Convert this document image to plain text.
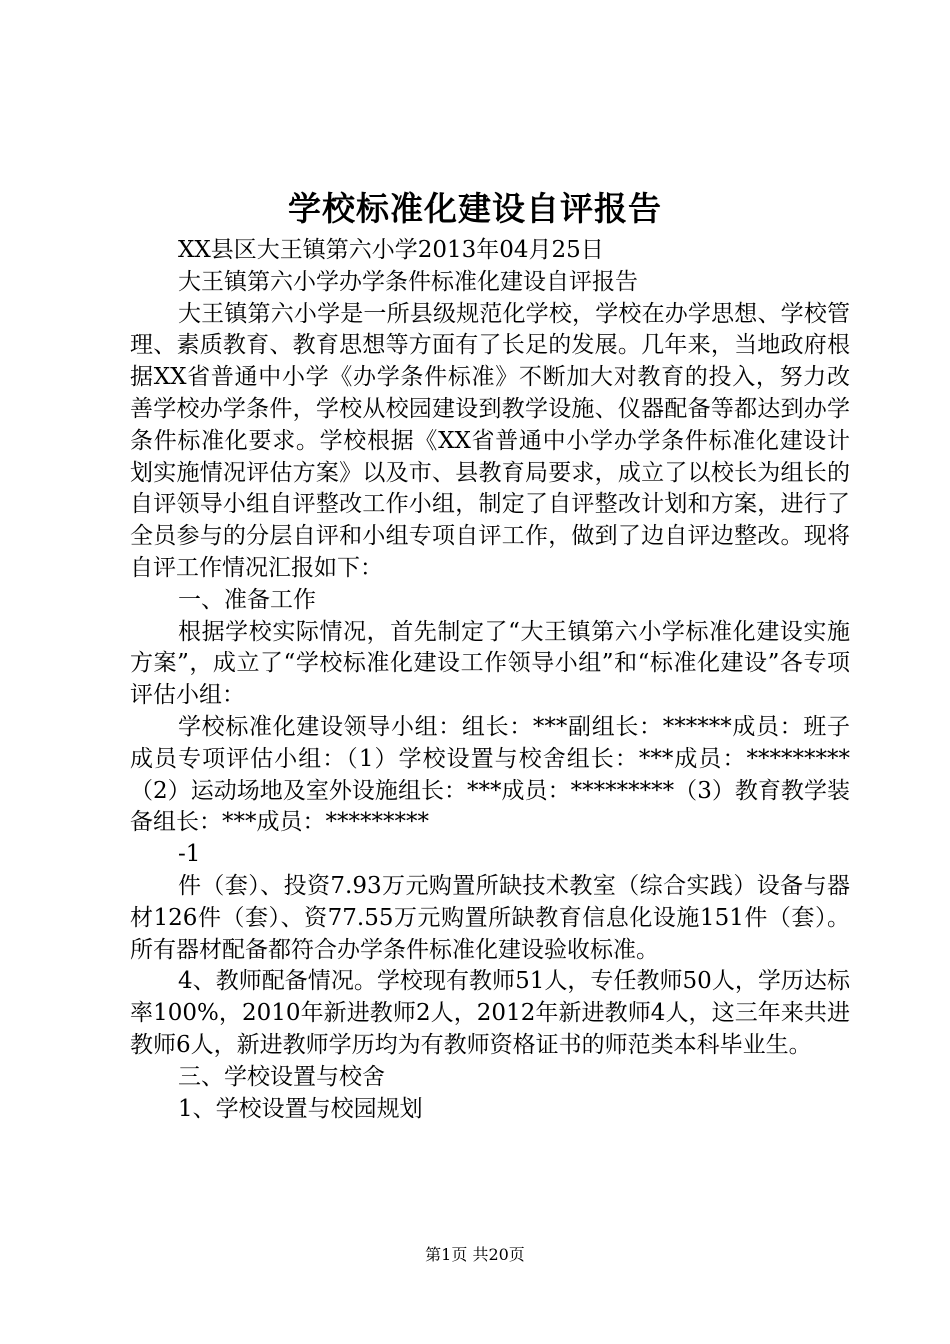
学校标准化建设自评报告

XX县区大王镇第六小学2013年04月25日

大王镇第六小学办学条件标准化建设自评报告

大王镇第六小学是一所县级规范化学校，学校在办学思想、学校管理、素质教育、教育思想等方面有了长足的发展。几年来，当地政府根据XX省普通中小学《办学条件标准》不断加大对教育的投入，努力改善学校办学条件，学校从校园建设到教学设施、仪器配备等都达到办学条件标准化要求。学校根据《XX省普通中小学办学条件标准化建设计划实施情况评估方案》以及市、县教育局要求，成立了以校长为组长的自评领导小组自评整改工作小组，制定了自评整改计划和方案，进行了全员参与的分层自评和小组专项自评工作，做到了边自评边整改。现将自评工作情况汇报如下：

一、准备工作

根据学校实际情况，首先制定了“大王镇第六小学标准化建设实施方案”，成立了“学校标准化建设工作领导小组”和“标准化建设”各专项评估小组：

学校标准化建设领导小组：组长：***副组长：******成员：班子成员专项评估小组：（1）学校设置与校舍组长：***成员：*********（2）运动场地及室外设施组长：***成员：*********（3）教育教学装备组长：***成员：*********

-1

件（套）、投资7.93万元购置所缺技术教室（综合实践）设备与器材126件（套）、资77.55万元购置所缺教育信息化设施151件（套）。所有器材配备都符合办学条件标准化建设验收标准。

4、教师配备情况。学校现有教师51人，专任教师50人，学历达标率100%，2010年新进教师2人，2012年新进教师4人，这三年来共进教师6人，新进教师学历均为有教师资格证书的师范类本科毕业生。

三、学校设置与校舍

1、学校设置与校园规划

第1页 共20页
